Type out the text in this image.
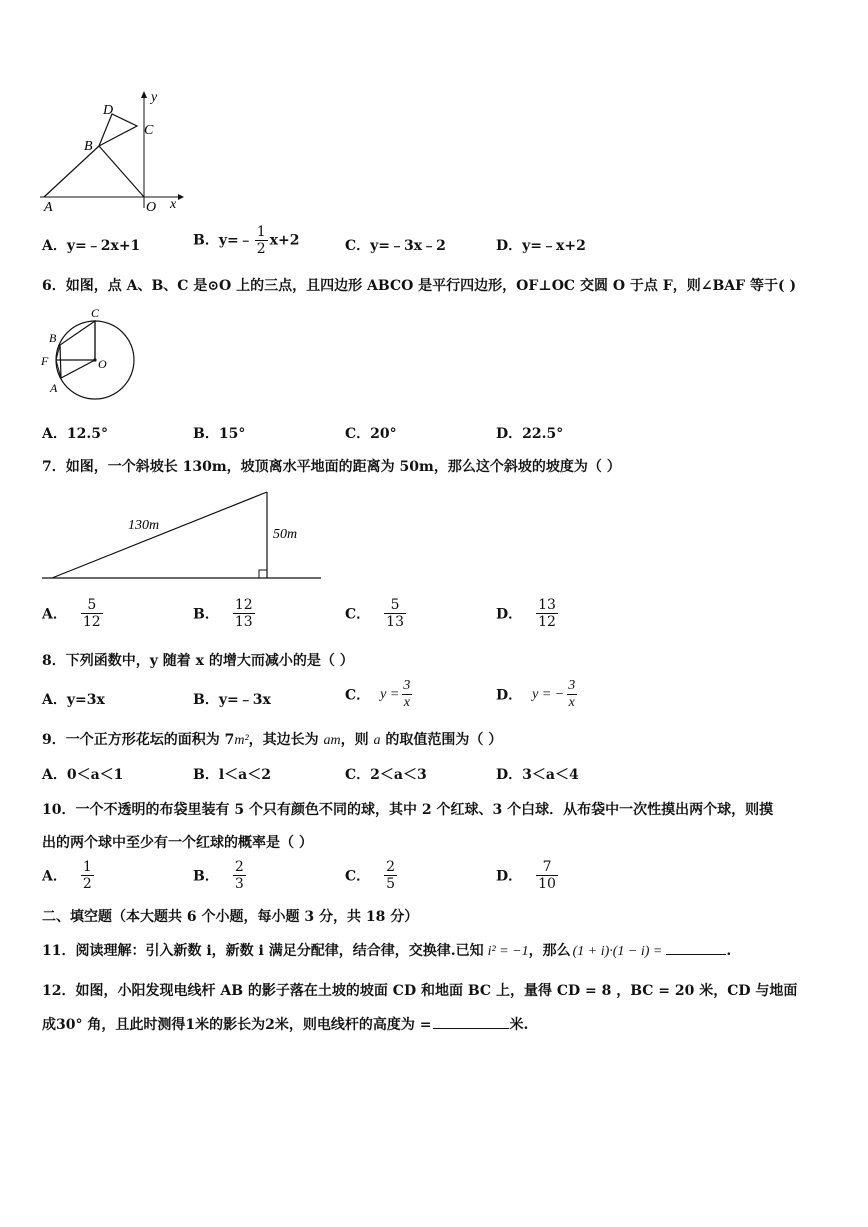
y
x
D
C
B
A	O
A．y=﹣2x+1	B．y=﹣ $\frac{1}{2} x+2$	C．y=﹣3x﹣2	D．y=﹣x+2
6．如图，点 A、B、C 是⊙O 上的三点，且四边形 ABCO 是平行四边形，OF⊥OC 交圆 O 于点 F，则∠BAF 等于( )
C
B
F	O
A
A．12.5°	B．15°	C．20°	D．22.5°
7．如图，一个斜坡长 130m，坡顶离水平地面的距离为 50m，那么这个斜坡的坡度为（ ）
130m
50m
A． $\frac{5}{12}$	B． $\frac{12}{13}$	C． $\frac{5}{13}$	D． $\frac{13}{12}$
8．下列函数中，y 随着 x 的增大而减小的是（ ）
A．y=3x	B．y=﹣3x	C． $y = \frac{3}{x}$	D． y = − $\frac{3}{x}$
9．一个正方形花坛的面积为 7m²，其边长为 am，则 a 的取值范围为（ ）
A．0＜a＜1	B．l＜a＜2	C．2＜a＜3	D．3＜a＜4
10．一个不透明的布袋里装有 5 个只有颜色不同的球，其中 2 个红球、3 个白球．从布袋中一次性摸出两个球，则摸
出的两个球中至少有一个红球的概率是（ ）
A． $\frac{1}{2}$	B． $\frac{2}{3}$	C． $\frac{2}{5}$	D． $\frac{7}{10}$
二、填空题（本大题共 6 个小题，每小题 3 分，共 18 分）
11．阅读理解：引入新数 i，新数 i 满足分配律，结合律，交换律.已知 i² = −1，那么 (1 + i)·(1 − i) =	.
12．如图，小阳发现电线杆 AB 的影子落在土坡的坡面 CD 和地面 BC 上，量得 CD = 8 ，BC = 20 米，CD 与地面
成30° 角，且此时测得1米的影长为2米，则电线杆的高度为 =	米.
